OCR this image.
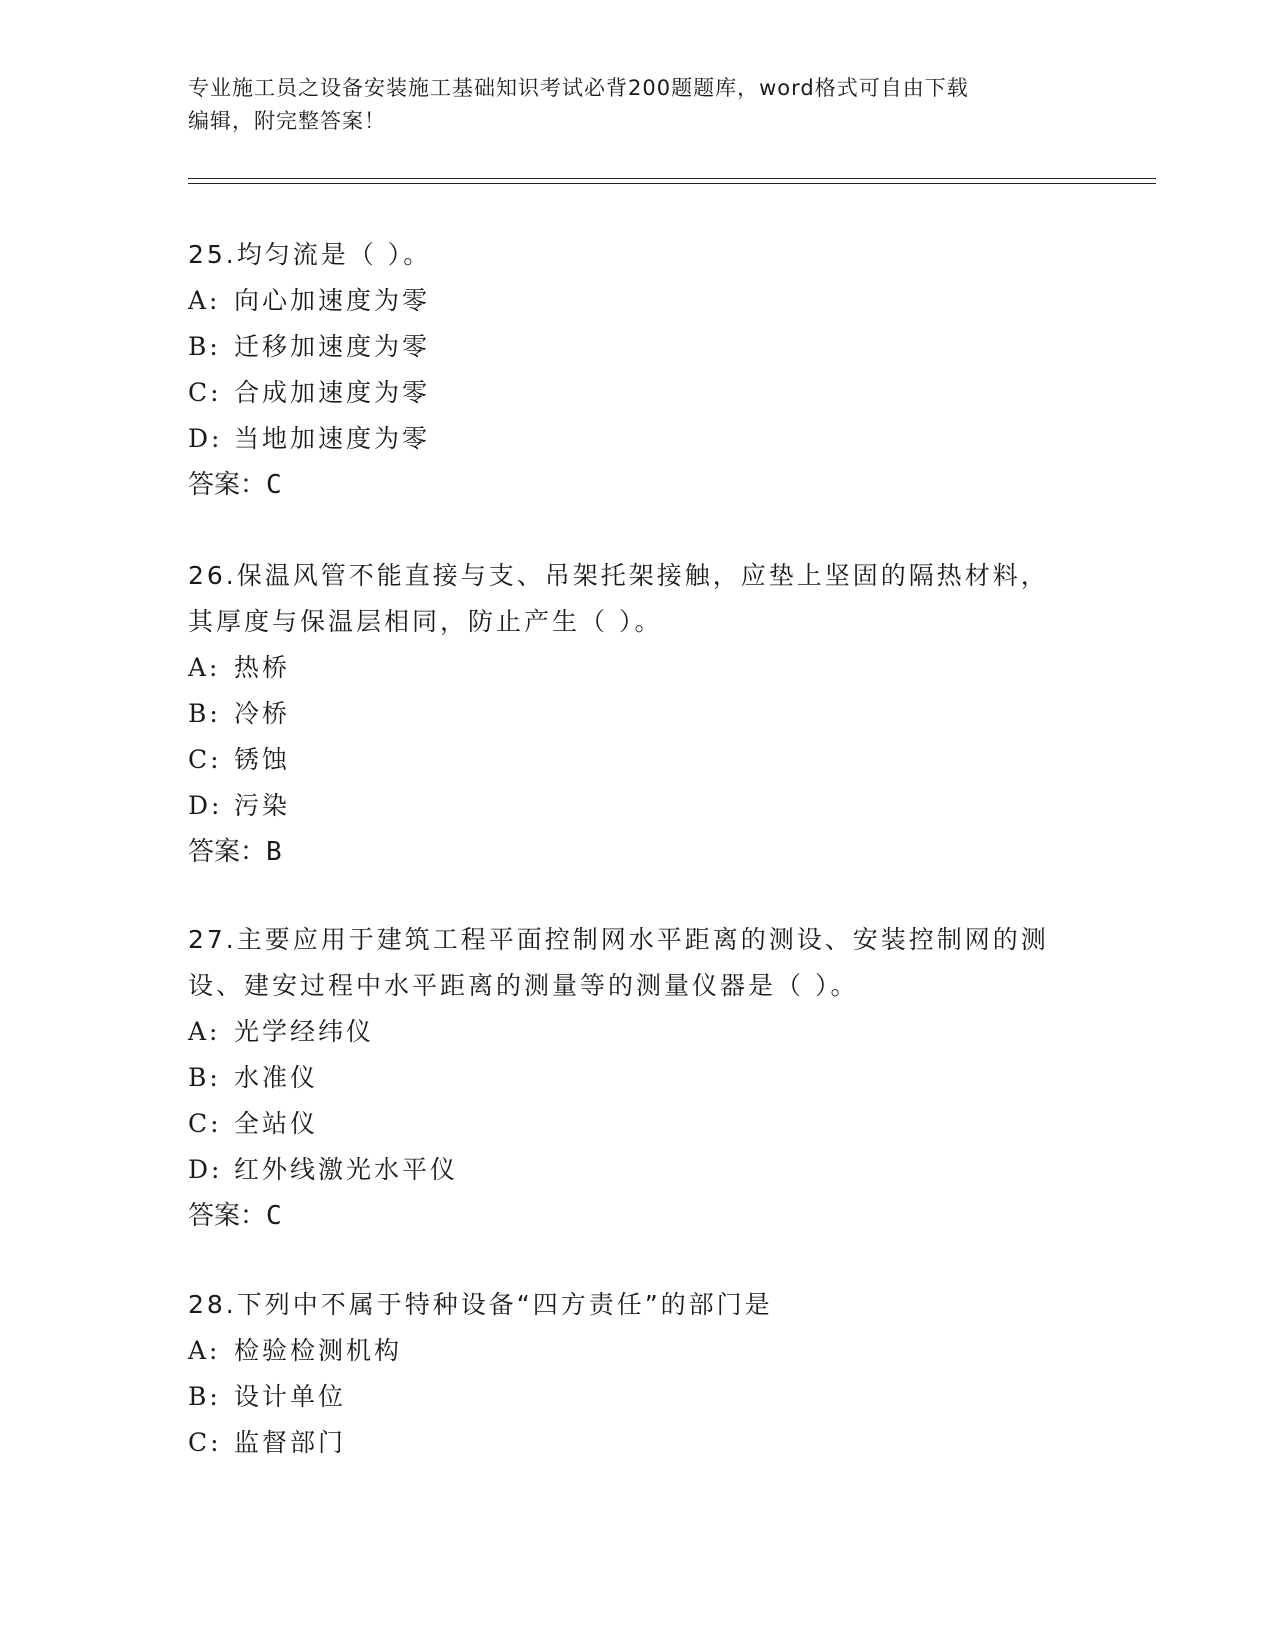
专业施工员之设备安装施工基础知识考试必背200题题库，word格式可自由下载
编辑，附完整答案！
25.均匀流是（ ）。
A: 向心加速度为零
B: 迁移加速度为零
C: 合成加速度为零
D: 当地加速度为零
答案：C
26.保温风管不能直接与支、吊架托架接触，应垫上坚固的隔热材料，
其厚度与保温层相同，防止产生（ ）。
A: 热桥
B: 冷桥
C: 锈蚀
D: 污染
答案：B
27.主要应用于建筑工程平面控制网水平距离的测设、安装控制网的测
设、建安过程中水平距离的测量等的测量仪器是（ ）。
A: 光学经纬仪
B: 水准仪
C: 全站仪
D: 红外线激光水平仪
答案：C
28.下列中不属于特种设备“四方责任”的部门是
A: 检验检测机构
B: 设计单位
C: 监督部门
